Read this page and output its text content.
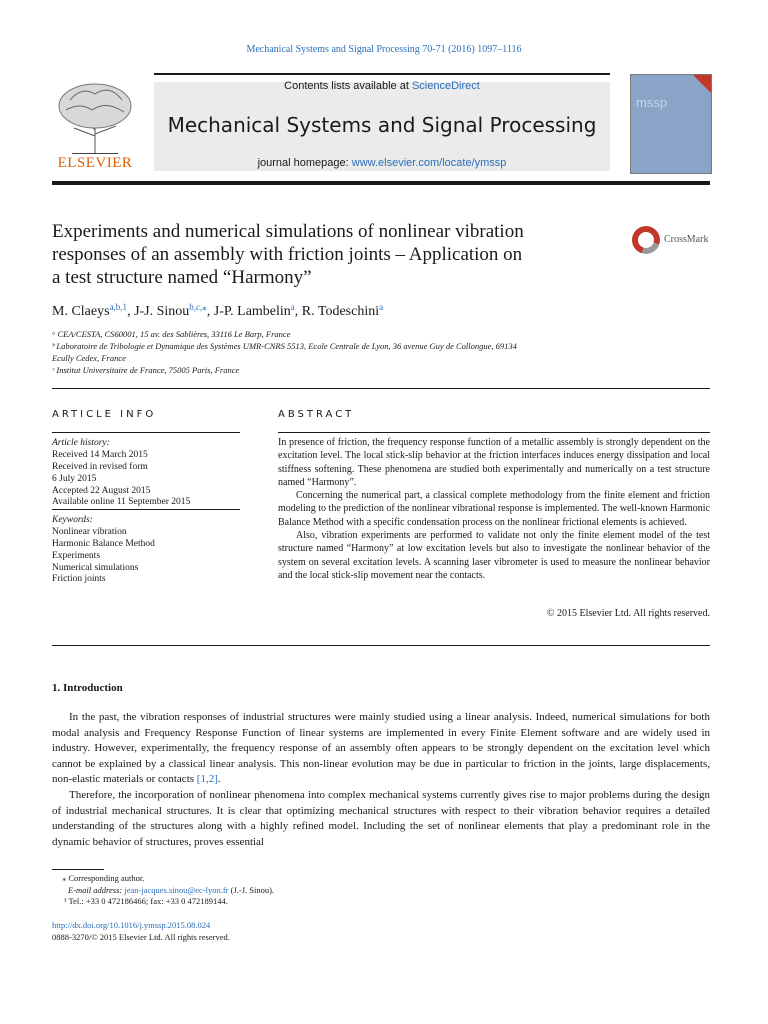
Mechanical Systems and Signal Processing 70-71 (2016) 1097–1116
ELSEVIER
Contents lists available at ScienceDirect
Mechanical Systems and Signal Processing
journal homepage: www.elsevier.com/locate/ymssp
mssp
Experiments and numerical simulations of nonlinear vibration
responses of an assembly with friction joints – Application on
a test structure named “Harmony”
CrossMark
M. Claeys$^{a,b,1}$, J-J. Sinou$^{b,c,⁎}$, J-P. Lambelin$^a$, R. Todeschini$^a$
ᵃ CEA/CESTA, CS60001, 15 av. des Sablières, 33116 Le Barp, France
ᵇ Laboratoire de Tribologie et Dynamique des Systèmes UMR-CNRS 5513, Ecole Centrale de Lyon, 36 avenue Guy de Collongue, 69134
Ecully Cedex, France
ᶜ Institut Universitaire de France, 75005 Paris, France
ARTICLE INFO	ABSTRACT
Article history:
Received 14 March 2015
Received in revised form
6 July 2015
Accepted 22 August 2015
Available online 11 September 2015
Keywords:
Nonlinear vibration
Harmonic Balance Method
Experiments
Numerical simulations
Friction joints

In presence of friction, the frequency response function of a metallic assembly is strongly dependent on the excitation level. The local stick-slip behavior at the friction interfaces induces energy dissipation and local stiffness softening. These phenomena are studied both experimentally and numerically on a test structure named “Harmony”.

Concerning the numerical part, a classical complete methodology from the finite element and friction modeling to the prediction of the nonlinear vibrational response is implemented. The well-known Harmonic Balance Method with a specific condensation process on the nonlinear frictional elements is achieved.

Also, vibration experiments are performed to validate not only the finite element model of the test structure named “Harmony” at low excitation levels but also to investigate the nonlinear behavior of the system on several excitation levels. A scanning laser vibrometer is used to measure the nonlinear behavior and the local stick-slip movement near the contacts.

© 2015 Elsevier Ltd. All rights reserved.
1. Introduction

In the past, the vibration responses of industrial structures were mainly studied using a linear analysis. Indeed, numerical simulations for both modal analysis and Frequency Response Function of linear systems are implemented in every Finite Element software and are widely used in industry. However, experimentally, the frequency response of an assembly often appears to be strongly dependent on the excitation level which cannot be explained by a classical linear analysis. This non-linear evolution may be due in particular to friction in the joints, large displacements, non-elastic materials or contacts [1,2].

Therefore, the incorporation of nonlinear phenomena into complex mechanical systems currently gives rise to major problems during the design of industrial mechanical structures. It is clear that optimizing mechanical structures with respect to their vibration behavior requires a detailed understanding of the structures along with a highly refined model. Including the set of nonlinear elements that play a predominant role in the dynamic behavior of structures, proves essential

⁎ Corresponding author.
E-mail address: jean-jacques.sinou@ec-lyon.fr (J.-J. Sinou).
¹ Tel.: +33 0 472186466; fax: +33 0 472189144.
http://dx.doi.org/10.1016/j.ymssp.2015.08.024
0888-3270/© 2015 Elsevier Ltd. All rights reserved.
